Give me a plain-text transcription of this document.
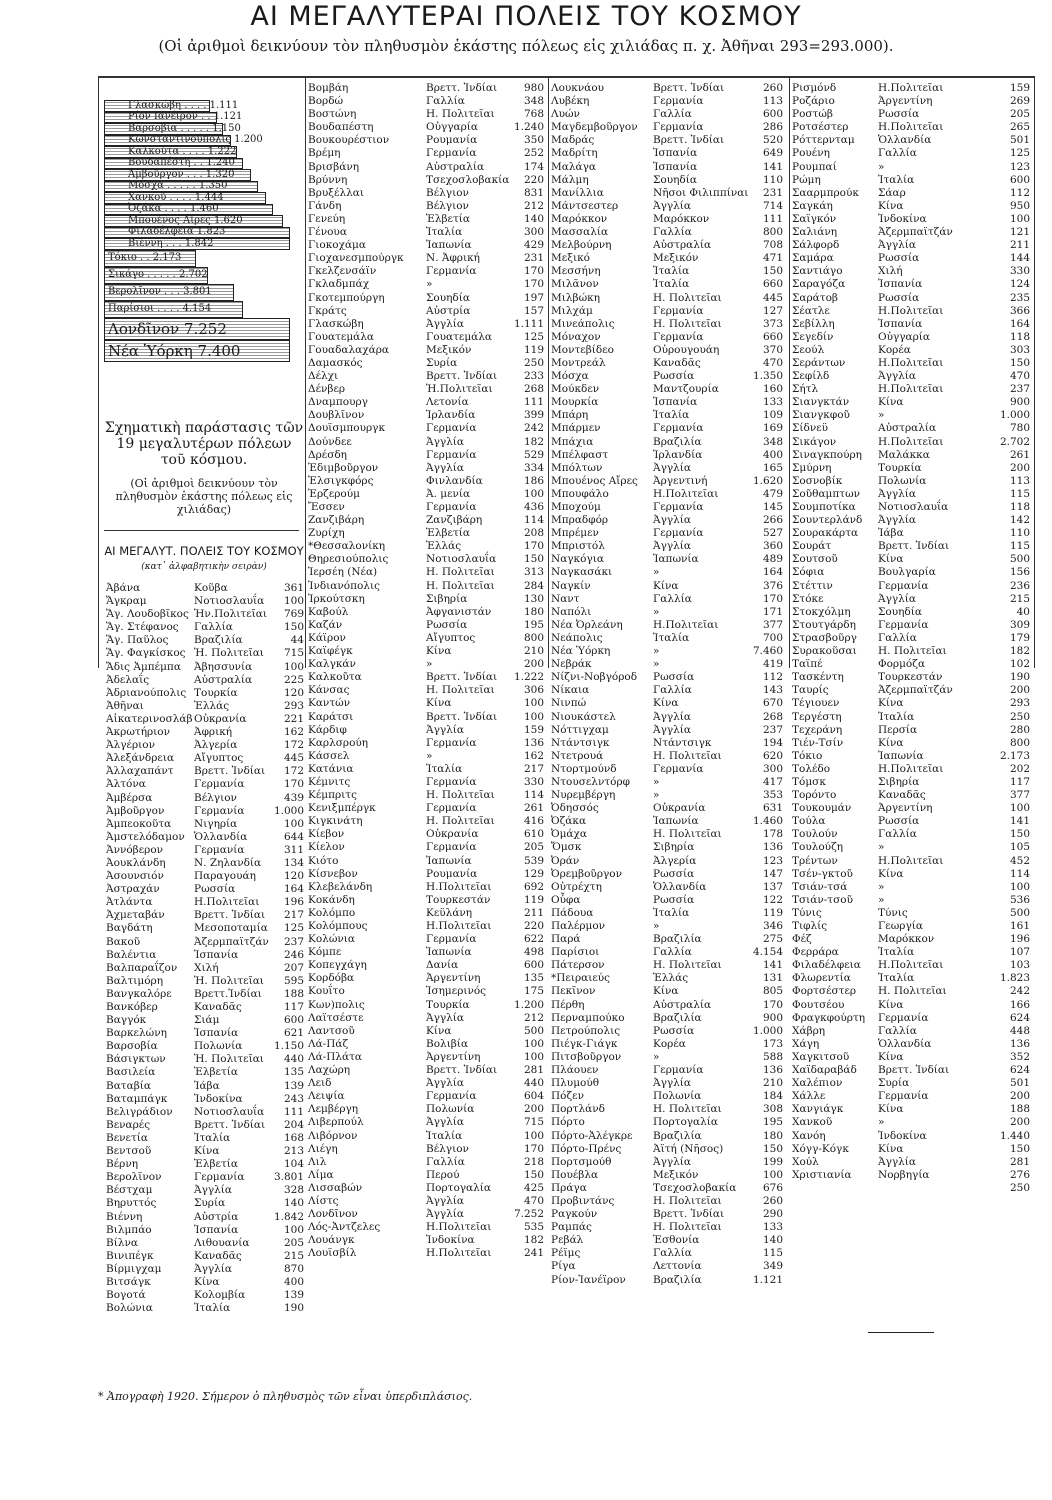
ΑΙ ΜΕΓΑΛΥΤΕΡΑΙ ΠΟΛΕΙΣ ΤΟΥ ΚΟΣΜΟΥ
(Οἱ ἀριθμοὶ δεικνύουν τὸν πληθυσμὸν ἑκάστης πόλεως εἰς χιλιάδας π. χ. Ἀθῆναι 293=293.000).
Γλασκώβη . . . . 1.111
Ρίον Ιανέιρον . . 1.121
Βαρσοβία . . . . . 1.150
Κωνσταντινούπολις 1.200
Καλκούτα . . . . 1.222
Βουδαπέστη . . 1.240
Ἀμβοῦργον . . . 1.320
Μόσχα . . . . . 1.350
Χανκοῦ . . . . 1.444
Ὀζάκα . . . . 1.460
Μπουένος Αἴρες 1.620
Φιλαδέλφεια 1.823
Βιέννη . . . 1.842
Τόκιο . . 2.173
Σικάγο . . . . . 2.702
Βερολῖνον . . . 3.801
Παρίσιοι . . . . 4.154
Λονδῖνον 7.252
Νέα Ὑόρκη 7.400
Σχηματικὴ παράστασις τῶν 19 μεγαλυτέρων πόλεων τοῦ κόσμου.
(Οἱ ἀριθμοὶ δεικνύουν τὸν πληθυσμὸν ἑκάστης πόλεως εἰς χιλιάδας)
ΑΙ ΜΕΓΑΛΥΤ. ΠΟΛΕΙΣ ΤΟΥ ΚΟΣΜΟΥ
(κατ᾿ ἀλφαβητικὴν σειρὰν)
Ἀβάνα	Κοῦβα	361
Ἄγκραμ	Νοτιοσλαυΐα	100
Ἅγ. Λουδοβῖκος Ἡν.Πολιτεῖαι	769
Ἅγ. Στέφανος Γαλλία	150
Ἅγ. Παῦλος Βραζιλία	44
Ἅγ. Φαγκίσκος Ἡ. Πολιτεῖαι	715
Ἄδις Ἀμπέμπα Ἀβησσυνία	100
Ἀδελαΐς	Αὐστραλία	225
Ἀδριανούπολις Τουρκία	120
Ἀθῆναι	Ἑλλάς	293
Αἰκατερινοσλάβ Οὐκρανία	221
Ἀκρωτήριον Ἀφρική	162
Ἀλγέριον	Ἀλγερία	172
Ἀλεξάνδρεια Αἴγυπτος	445
Ἀλλαχαπάντ Βρεττ. Ἰνδίαι	172
Ἀλτόνα	Γερμανία	170
Ἀμβέρσα	Βέλγιον	439
Ἀμβοῦργον	Γερμανία	1.000
Ἀμπεοκοῦτα Νιγηρία	100
Ἀμστελόδαμον Ὁλλανδία	644
Ἀννόβερον	Γερμανία	311
Ἀουκλάνδη	Ν. Ζηλανδία	134
Ἀσουνσιόν	Παραγουάη	120
Ἀστραχάν	Ρωσσία	164
Ἀτλάντα	Η.Πολιτεῖαι	196
Ἀχμεταβάν	Βρεττ. Ἰνδίαι	217
Βαγδάτη	Μεσοποταμία	125
Βακοῦ	Ἀζερμπαϊτζάν	237
Βαλέντια	Ἰσπανία	246
Βαλπαραΐζον Χιλή	207
Βαλτιμόρη	Ἡ. Πολιτεῖαι	595
Βανγκαλόρε Βρεττ.Ἰνδίαι	188
Βανκόβερ	Καναδᾶς	117
Βαγγόκ	Σιάμ	600
Βαρκελώνη	Ἰσπανία	621
Βαρσοβία	Πολωνία	1.150
Βάσιγκτων	Ἡ. Πολιτεῖαι	440
Βασιλεία	Ἑλβετία	135
Βαταβία	Ἰάβα	139
Βαταμπάγκ	Ἰνδοκίνα	243
Βελιγράδιον Νοτιοσλαυΐα	111
Βεναρές	Βρεττ. Ἰνδίαι	204
Βενετία	Ἰταλία	168
Βεντσοῦ	Κίνα	213
Βέρνη	Ἑλβετία	104
Βερολῖνον	Γερμανία	3.801
Βέστχαμ	Ἀγγλία	328
Βηρυττός	Συρία	140
Βιέννη	Αὐστρία	1.842
Βιλμπάο	Ἰσπανία	100
Βίλνα	Λιθουανία	205
Βινιπέγκ	Καναδᾶς	215
Βίρμιγχαμ	Ἀγγλία	870
Βιτσάγκ	Κίνα	400
Βογοτά	Κολομβία	139
Βολώνια	Ἰταλία	190
Βομβάη	Βρεττ. Ἰνδίαι	980
Βορδώ	Γαλλία	348
Βοστώνη	Η. Πολιτεῖαι	768
Βουδαπέστη	Οὐγγαρία	1.240
Βουκουρέστιον	Ρουμανία	350
Βρέμη	Γερμανία	252
Βρισβάνη	Αὐστραλία	174
Βρύννη	Τσεχοσλοβακία	220
Βρυξέλλαι	Βέλγιον	831
Γάνδη	Βέλγιον	212
Γενεύη	Ἑλβετία	140
Γένουα	Ἰταλία	300
Γιοκοχάμα	Ἰαπωνία	429
Γιοχανεσμπούργκ Ν. Ἀφρική	231
Γκελζενσάϊν	Γερμανία	170
Γκλαδμπάχ	»	170
Γκοτεμπούργη	Σουηδία	197
Γκράτς	Αὐστρία	157
Γλασκώβη	Ἀγγλία	1.111
Γουατεμάλα	Γουατεμάλα	125
Γουαδαλαχάρα	Μεξικόν	119
Δαμασκός	Συρία	250
Δέλχι	Βρεττ. Ἰνδίαι	233
Δένβερ	Ἡ.Πολιτεῖαι	268
Δναμπουργ	Λετονία	111
Δουβλῖνον	Ἰρλανδία	399
Δουϊσμπουργκ	Γερμανία	242
Δούνδεε	Ἀγγλία	182
Δρέσδη	Γερμανία	529
Ἐδιμβοῦργον	Ἀγγλία	334
Ἐλσιγκφόρς	Φινλανδία	186
Ἐρζερούμ	Ἀ. μενία	100
Ἔσσεν	Γερμανία	436
Ζανζιβάρη	Ζανζιβάρη	114
Ζυρίχη	Ἑλβετία	208
*Θεσσαλονίκη	Ἑλλάς	170
Θηρεσιούπολις	Νοτιοσλαυΐα	150
Ἱερσέη (Νέα)	Η. Πολιτεῖαι	313
Ἰνδιανόπολις	Η. Πολιτεῖαι	284
Ἰρκούτσκη	Σιβηρία	130
Καβούλ	Ἀφγανιστάν	180
Καζάν	Ρωσσία	195
Κάϊρον	Αἴγυπτος	800
Καϊφέγκ	Κίνα	210
Καλγκάν	»	200
Καλκοῦτα	Βρεττ. Ἰνδίαι	1.222
Κάνσας	Η. Πολιτεῖαι	306
Καντών	Κίνα	100
Καράτσι	Βρεττ. Ἰνδίαι	100
Κάρδιφ	Ἀγγλία	159
Καρλσρούη	Γερμανία	136
Κάσσελ	»	162
Κατάνια	Ἰταλία	217
Κέμνιτς	Γερμανία	330
Κέμπριτς	Η. Πολιτεῖαι	114
Κενιξμπέργκ	Γερμανία	261
Κιγκινάτη	Η. Πολιτεῖαι	416
Κίεβον	Οὐκρανία	610
Κίελον	Γερμανία	205
Κιότο	Ἰαπωνία	539
Κίσνεβον	Ρουμανία	129
Κλεβελάνδη	Η.Πολιτεῖαι	692
Κοκάνδη	Τουρκεστάν	119
Κολόμπο	Κεϋλάνη	211
Κολόμπους	Η.Πολιτεῖαι	220
Κολώνια	Γερμανία	622
Κόμπε	Ἰαπωνία	498
Κοπεγχάγη	Δανία	600
Κορδόβα	Ἀργεντίνη	135
Κουΐτο	Ἰσημερινός	175
Κων)πολις	Τουρκία	1.200
Λαϊτσέστε	Ἀγγλία	212
Λαντσοῦ	Κίνα	500
Λά-Πάζ	Βολιβία	100
Λά-Πλάτα	Ἀργεντίνη	100
Λαχώρη	Βρεττ. Ἰνδίαι	281
Λειδ	Ἀγγλία	440
Λειψία	Γερμανία	604
Λεμβέργη	Πολωνία	200
Λιβερπούλ	Ἀγγλία	715
Λιβόρνον	Ἰταλία	100
Λιέγη	Βέλγιον	170
Λιλ	Γαλλία	218
Λίμα	Περού	150
Λισσαβών	Πορτογαλία	425
Λίστς	Ἀγγλία	470
Λονδῖνον	Ἀγγλία	7.252
Λός-Ἀντζελες	Η.Πολιτεῖαι	535
Λουάνγκ	Ἰνδοκίνα	182
Λουϊσβίλ	Η.Πολιτεῖαι	241
Λουκνάου	Βρεττ. Ἰνδίαι	260
Λυβέκη	Γερμανία	113
Λυών	Γαλλία	600
Μαγδεμβοῦργον Γερμανία	286
Μαδράς	Βρεττ. Ἰνδίαι	520
Μαδρίτη	Ἰσπανία	649
Μαλάγα	Ἰσπανία	141
Μάλμη	Σουηδία	110
Μανίλλια	Νῆσοι Φιλιππίναι	231
Μάντσεστερ	Ἀγγλία	714
Μαρόκκον	Μαρόκκον	111
Μασσαλία	Γαλλία	800
Μελβούρνη	Αὐστραλία	708
Μεξικό	Μεξικόν	471
Μεσσήνη	Ἰταλία	150
Μιλᾶνον	Ἰταλία	660
Μιλβώκη	Η. Πολιτεῖαι	445
Μιλχάμ	Γερμανία	127
Μινεάπολις	Η. Πολιτεῖαι	373
Μόναχον	Γερμανία	660
Μοντεβίδεο	Οὐρουγουάη	370
Μοντρεάλ	Καναδᾶς	470
Μόσχα	Ρωσσία	1.350
Μούκδεν	Μαντζουρία	160
Μουρκία	Ἰσπανία	133
Μπάρη	Ἰταλία	109
Μπάρμεν	Γερμανία	169
Μπάχια	Βραζιλία	348
Μπέλφαστ	Ἰρλανδία	400
Μπόλτων	Ἀγγλία	165
Μπουένος Αἴρες Ἀργεντινή	1.620
Μπουφάλο	Η.Πολιτεῖαι	479
Μποχούμ	Γερμανία	145
Μπραδφόρ	Ἀγγλία	266
Μπρέμεν	Γερμανία	527
Μπριστόλ	Ἀγγλία	360
Ναγκόγια	Ἰαπωνία	489
Ναγκασάκι	»	164
Ναγκίν	Κίνα	376
Ναντ	Γαλλία	170
Ναπόλι	»	171
Νέα Ὀρλεάνη	Η.Πολιτεῖαι	377
Νεάπολις	Ἰταλία	700
Νέα Ὑόρκη	»	7.460
Νεβράκ	»	419
Νίζνι-Νοβγόροδ Ρωσσία	112
Νίκαια	Γαλλία	143
Νινπώ	Κίνα	670
Νιουκάστελ	Ἀγγλία	268
Νόττιγχαμ	Ἀγγλία	237
Ντάντσιγκ	Ντάντσιγκ	194
Ντετρουά	Η. Πολιτεῖαι	620
Ντορτμούνδ	Γερμανία	300
Ντουσελντόρφ »	417
Νυρεμβέργη	»	353
Ὀδησσός	Οὐκρανία	631
Ὀζάκα	Ἰαπωνία	1.460
Ὀμάχα	Η. Πολιτεῖαι	178
Ὄμσκ	Σιβηρία	136
Ὀράν	Ἀλγερία	123
Ὀρεμβοῦργον	Ρωσσία	147
Οὐτρέχτη	Ὁλλανδία	137
Οὖφα	Ρωσσία	122
Πάδουα	Ἰταλία	119
Παλέρμον	»	346
Παρά	Βραζιλία	275
Παρίσιοι	Γαλλία	4.154
Πάτερσον	Η. Πολιτεῖαι	141
*Πειραιεύς	Ἑλλάς	131
Πεκῖνον	Κίνα	805
Πέρθη	Αὐστραλία	170
Περναμπούκο	Βραζιλία	900
Πετρούπολις	Ρωσσία	1.000
Πιέγκ-Γιάγκ	Κορέα	173
Πιτσβοῦργον	»	588
Πλάουεν	Γερμανία	136
Πλυμούθ	Ἀγγλία	210
Πόζεν	Πολωνία	184
Πορτλάνδ	Η. Πολιτεῖαι	308
Πόρτο	Πορτογαλία	195
Πόρτο-Ἀλέγκρε Βραζιλία	180
Πόρτο-Πρένς	Ἀϊτή (Νῆσος)	150
Πορτσμούθ	Ἀγγλία	199
Πουέβλα	Μεξικόν	100
Πράγα	Τσεχοσλοβακία	676
Προβιντάνς	Η. Πολιτεῖαι	260
Ραγκούν	Βρεττ. Ἰνδίαι	290
Ραμπάς	Η. Πολιτεῖαι	133
Ρεβάλ	Ἐσθονία	140
Ρέϊμς	Γαλλία	115
Ρίγα	Λεττονία	349
Ρίον-Ἰανέϊρον	Βραζιλία	1.121
Ρισμόνδ	Η.Πολιτεῖαι	159
Ροζάριο	Ἀργεντίνη	269
Ροστώβ	Ρωσσία	205
Ροτσέστερ	Η.Πολιτεῖαι	265
Ρόττερνταμ Ὁλλανδία	501
Ρουένη	Γαλλία	125
Ρουμπαί	»	123
Ρώμη	Ἰταλία	600
Σααρμπρούκ Σάαρ	112
Σαγκάη	Κίνα	950
Σαϊγκόν	Ἰνδοκίνα	100
Σαλιάνη	Ἀζερμπαϊτζάν	121
Σάλφορδ	Ἀγγλία	211
Σαμάρα	Ρωσσία	144
Σαντιάγο	Χιλή	330
Σαραγόζα	Ἰσπανία	124
Σαράτοβ	Ρωσσία	235
Σέατλε	Η.Πολιτεῖαι	366
Σεβίλλη	Ἰσπανία	164
Σεγεδίν	Οὐγγαρία	118
Σεούλ	Κορέα	303
Σεράντων	Η.Πολιτεῖαι	150
Σεφίλδ	Ἀγγλία	470
Σήτλ	Η.Πολιτεῖαι	237
Σιανγκτάν	Κίνα	900
Σιανγκφοῦ	»	1.000
Σίδνεϋ	Αὐστραλία	780
Σικάγον	Η.Πολιτεῖαι	2.702
Σιναγκπούρη Μαλάκκα	261
Σμύρνη	Τουρκία	200
Σοσνοβίκ	Πολωνία	113
Σοῦθαμπτων Ἀγγλία	115
Σουμποτίκα Νοτιοσλαυΐα	118
Σουντερλάνδ Ἀγγλία	142
Σουρακάρτα Ἰάβα	110
Σουράτ	Βρεττ. Ἰνδίαι	115
Σουτσοῦ	Κίνα	500
Σόφια	Βουλγαρία	156
Στέττιν	Γερμανία	236
Στόκε	Ἀγγλία	215
Στοκχόλμη	Σουηδία	40
Στουτγάρδη Γερμανία	309
Στρασβοῦργ Γαλλία	179
Συρακοῦσαι Η. Πολιτεῖαι	182
Ταϊπέ	Φορμόζα	102
Τασκέντη	Τουρκεστάν	190
Ταυρίς	Ἀζερμπαϊτζάν	200
Τέγιουεν	Κίνα	293
Τεργέστη	Ἰταλία	250
Τεχεράνη	Περσία	280
Τιέν-Τσίν	Κίνα	800
Τόκιο	Ἰαπωνία	2.173
Τολέδο	Η.Πολιτεῖαι	202
Τόμσκ	Σιβηρία	117
Τορόντο	Καναδᾶς	377
Τουκουμάν	Ἀργεντίνη	100
Τούλα	Ρωσσία	141
Τουλούν	Γαλλία	150
Τουλούζη	»	105
Τρέντων	Η.Πολιτεῖαι	452
Τσέν-γκτοῦ Κίνα	114
Τσιάν-τσά	»	100
Τσιάν-τσοῦ »	536
Τύνις	Τύνις	500
Τιφλίς	Γεωργία	161
Φέζ	Μαρόκκον	196
Φερράρα	Ἰταλία	107
Φιλαδέλφεια Η.Πολιτεῖαι	103
Φλωρεντία	Ἰταλία	1.823
Φορτσέστερ Η. Πολιτεῖαι	242
Φουτσέου	Κίνα	166
Φραγκφούρτη Γερμανία	624
Χάβρη	Γαλλία	448
Χάγη	Ὁλλανδία	136
Χαγκιτσοῦ	Κίνα	352
Χαϊδαραβάδ Βρεττ. Ἰνδίαι	624
Χαλέπιον	Συρία	501
Χάλλε	Γερμανία	200
Χανγιάγκ	Κίνα	188
Χανκοῦ	»	200
Χανόη	Ἰνδοκίνα	1.440
Χόγγ-Κόγκ	Κίνα	150
Χούλ	Ἀγγλία	281
Χριστιανία	Νορβηγία	276
250
* Ἀπογραφὴ 1920. Σήμερον ὁ πληθυσμὸς τῶν εἶναι ὑπερδιπλάσιος.
